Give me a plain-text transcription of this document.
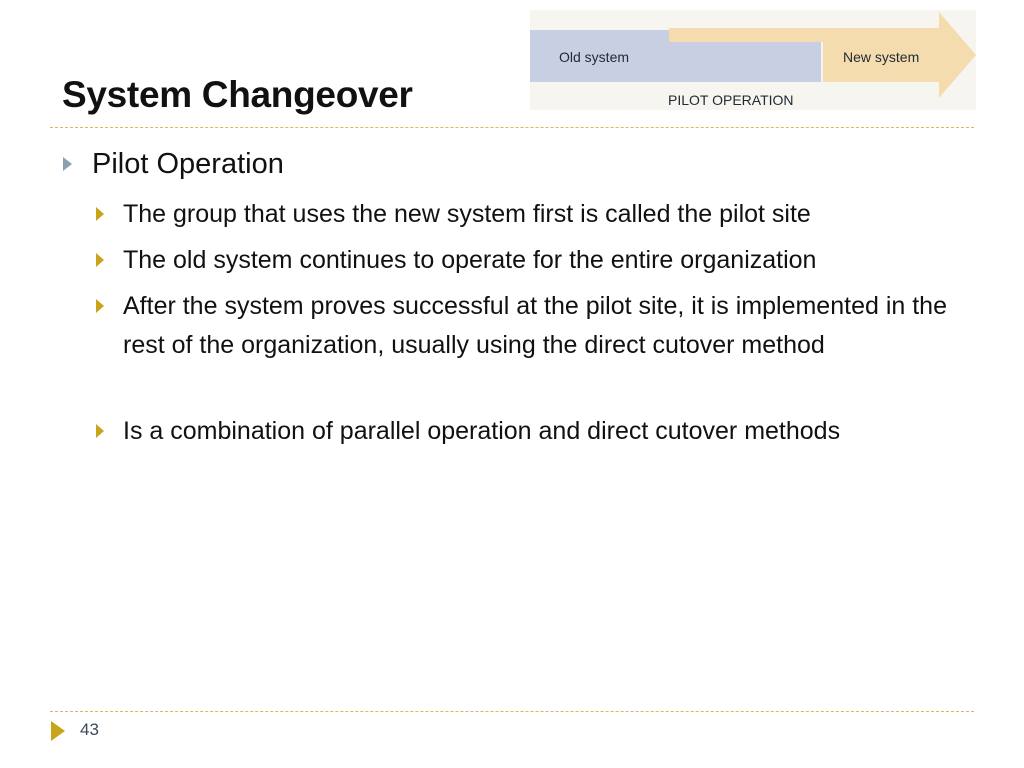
System Changeover
Old system	New system
PILOT OPERATION
Pilot Operation
The group that uses the new system first is called the pilot site
The old system continues to operate for the entire organization
After the system proves successful at the pilot site, it is implemented in the rest of the organization, usually using the direct cutover method
Is a combination of parallel operation and direct cutover methods
43
